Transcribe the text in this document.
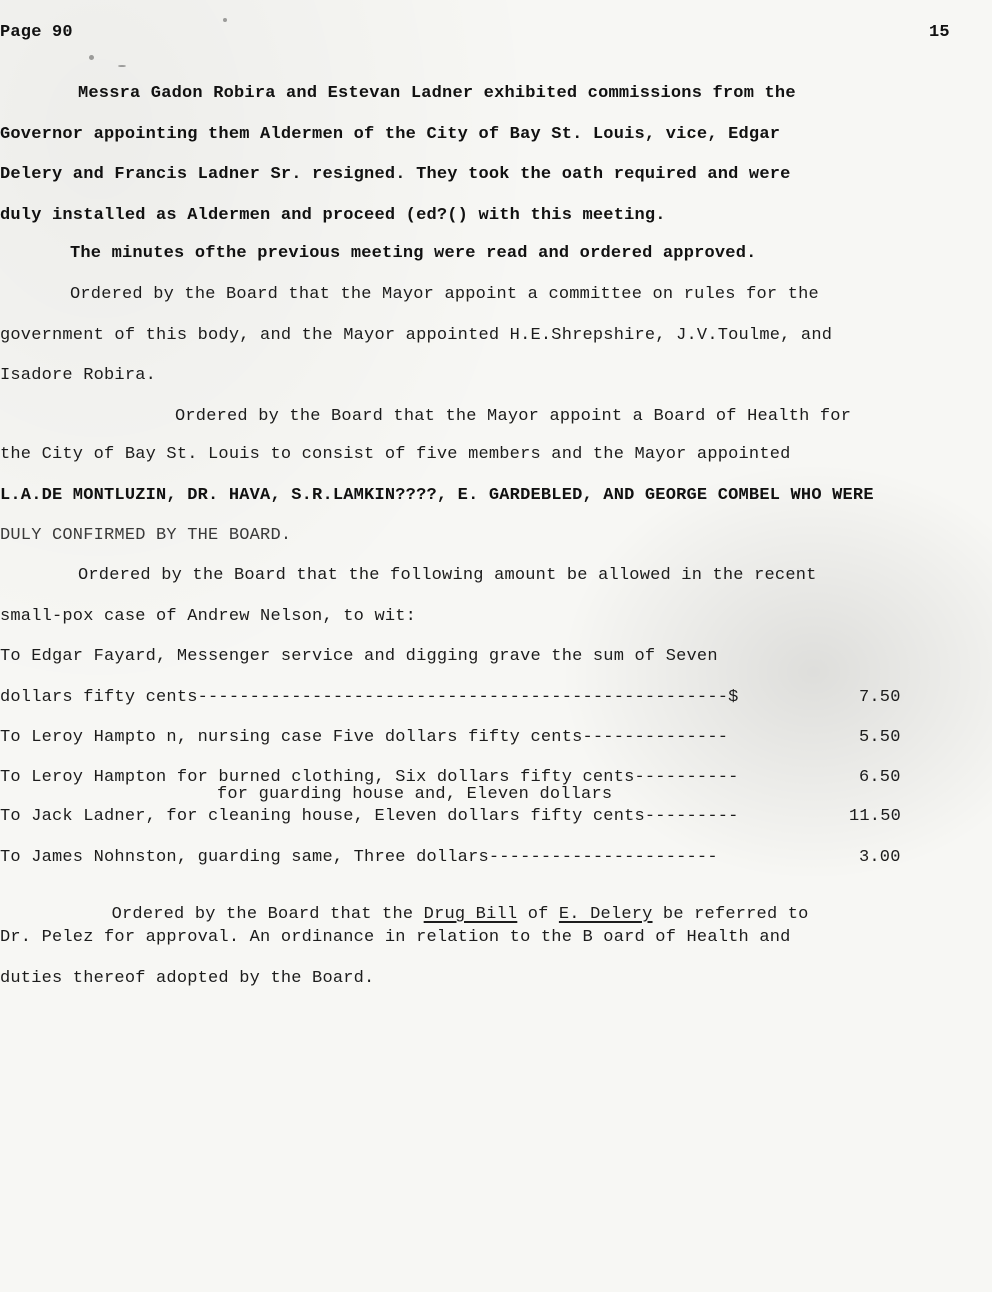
Page 90	15
Messra Gadon Robira and Estevan Ladner exhibited commissions from the
Governor appointing them Aldermen of the City of Bay St. Louis, vice, Edgar
Delery and Francis Ladner Sr. resigned. They took the oath required and were
duly installed as Aldermen and proceed (ed?() with this meeting.
The minutes ofthe previous meeting were read and ordered approved.
Ordered by the Board that the Mayor appoint a committee on rules for the
government of this body, and the Mayor appointed H.E.Shrepshire, J.V.Toulme, and
Isadore Robira.
Ordered by the Board that the Mayor appoint a Board of Health for
the City of Bay St. Louis to consist of five members and the Mayor appointed
L.A.DE MONTLUZIN, DR. HAVA, S.R.LAMKIN????, E. GARDEBLED, AND GEORGE COMBEL WHO WERE
DULY CONFIRMED BY THE BOARD.
Ordered by the Board that the following amount be allowed in the recent
small-pox case of Andrew Nelson, to wit:
To Edgar Fayard, Messenger service and digging grave the sum of Seven
dollars fifty cents---------------------------------------------------$	7.50
To Leroy Hampto n, nursing case Five dollars fifty cents--------------	5.50
To Leroy Hampton for burned clothing, Six dollars fifty cents----------	6.50
for guarding house and, Eleven dollars
To Jack Ladner, for cleaning house, Eleven dollars fifty cents---------	11.50
To James Nohnston, guarding same, Three dollars----------------------	3.00

Ordered by the Board that the Drug Bill of E. Delery be referred to

Dr. Pelez for approval. An ordinance in relation to the B oard of Health and
duties thereof adopted by the Board.
